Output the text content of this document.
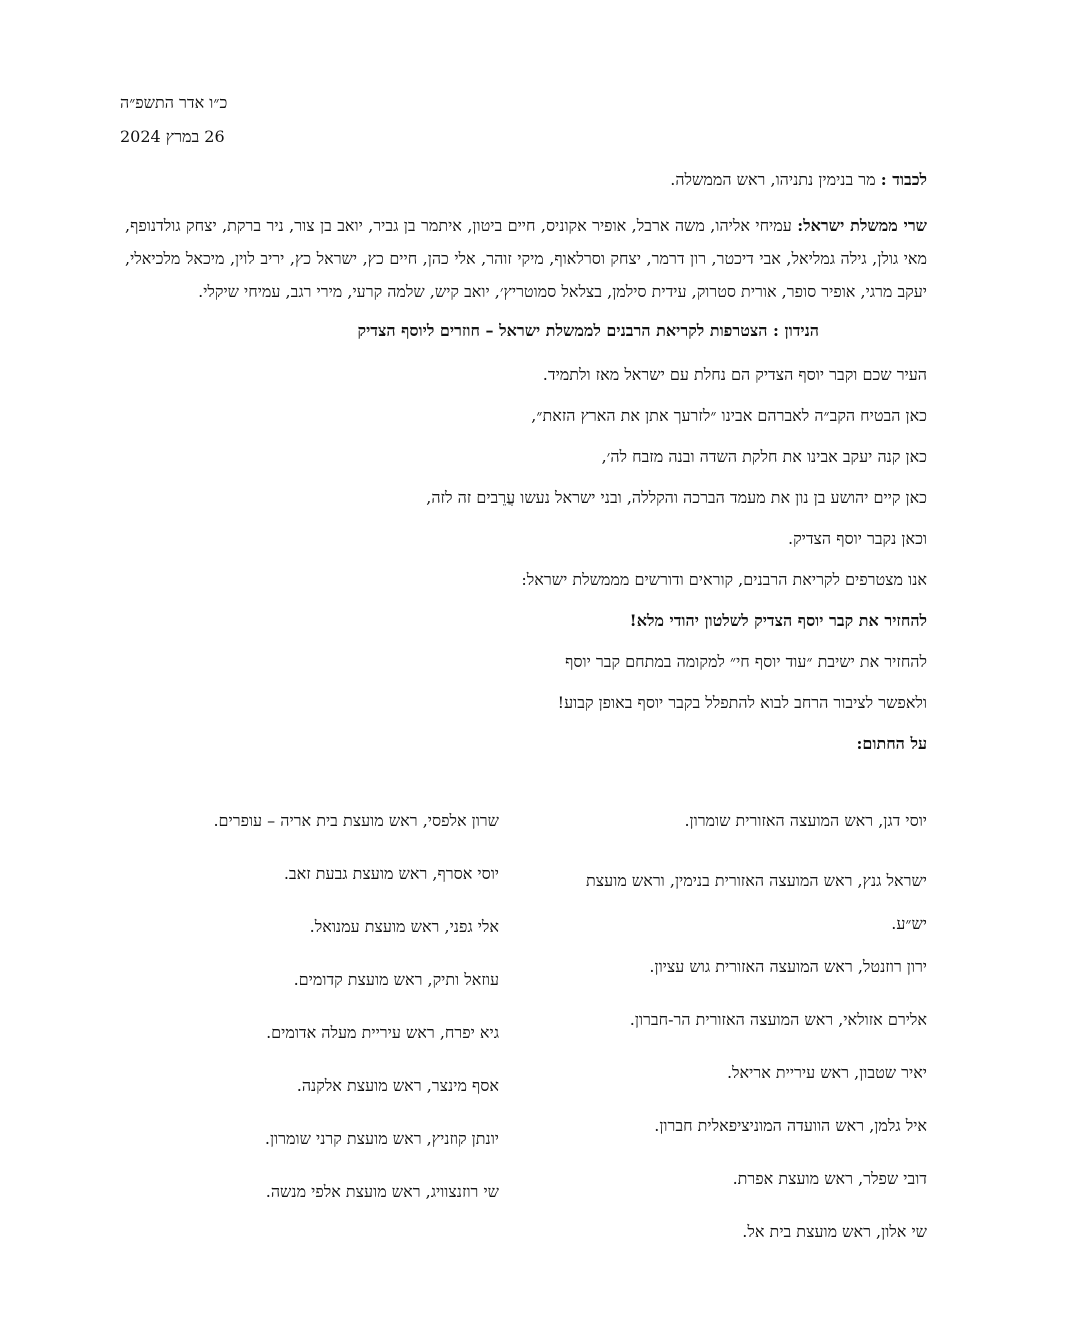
כ״ו אדר התשפ״ה
26 במרץ 2024

לכבוד : מר בנימין נתניהו, ראש הממשלה.

שרי ממשלת ישראל: עמיחי אליהו, משה ארבל, אופיר אקוניס, חיים ביטון, איתמר בן גביר, יואב בן צור, ניר ברקת, יצחק גולדנופף, מאי גולן, גילה גמליאל, אבי דיכטר, רון דרמר, יצחק וסרלאוף, מיקי זוהר, אלי כהן, חיים כץ, ישראל כץ, יריב לוין, מיכאל מלכיאלי, יעקב מרגי, אופיר סופר, אורית סטרוק, עידית סילמן, בצלאל סמוטריץ׳, יואב קיש, שלמה קרעי, מירי רגב, עמיחי שיקלי.

הנידון : הצטרפות לקריאת הרבנים לממשלת ישראל – חוזרים ליוסף הצדיק

העיר שכם וקבר יוסף הצדיק הם נחלת עם ישראל מאז ולתמיד.

כאן הבטיח הקב״ה לאברהם אבינו ״לזרעך אתן את הארץ הזאת״,

כאן קנה יעקב אבינו את חלקת השדה ובנה מזבח לה׳,

כאן קיים יהושע בן נון את מעמד הברכה והקללה, ובני ישראל נעשו עֲרֵבים זה לזה,

וכאן נקבר יוסף הצדיק.

אנו מצטרפים לקריאת הרבנים, קוראים ודורשים מממשלת ישראל:

להחזיר את קבר יוסף הצדיק לשלטון יהודי מלא!

להחזיר את ישיבת ״עוד יוסף חי״ למקומה במתחם קבר יוסף

ולאפשר לציבור הרחב לבוא להתפלל בקבר יוסף באופן קבוע!

על החתום:

יוסי דגן, ראש המועצה האזורית שומרון.

ישראל גנץ, ראש המועצה האזורית בנימין, וראש מועצת יש״ע.

ירון רוזנטל, ראש המועצה האזורית גוש עציון.

אלירם אזולאי, ראש המועצה האזורית הר-חברון.

יאיר שטבון, ראש עיריית אריאל.

איל גלמן, ראש הוועדה המוניציפאלית חברון.

דובי שפלר, ראש מועצת אפרת.

שי אלון, ראש מועצת בית אל.

שרון אלפסי, ראש מועצת בית אריה – עופרים.

יוסי אסרף, ראש מועצת גבעת זאב.

אלי גפני, ראש מועצת עמנואל.

עוזאל ותיק, ראש מועצת קדומים.

גיא יפרח, ראש עיריית מעלה אדומים.

אסף מינצר, ראש מועצת אלקנה.

יונתן קוזניץ, ראש מועצת קרני שומרון.

שי רוזנצוויג, ראש מועצת אלפי מנשה.
